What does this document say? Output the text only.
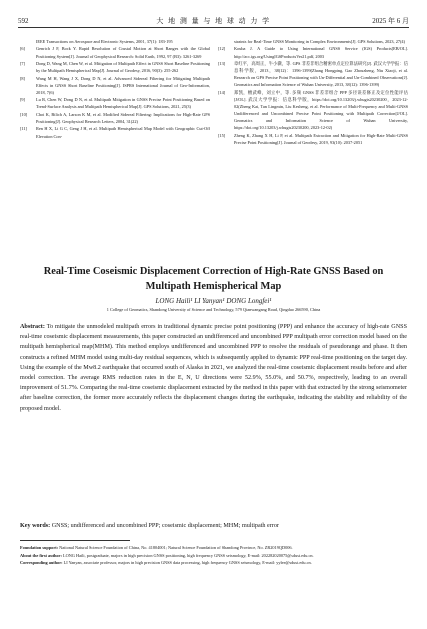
592	大 地 测 量 与 地 球 动 力 学	2025 年 6 月
IEEE Transactions on Aerospace and Electronic Systems, 2001, 37(1): 183-195
[6]	Genrich J F, Bock Y. Rapid Resolution of Crustal Motion at Short Ranges with the Global Positioning System[J]. Journal of Geophysical Research: Solid Earth, 1992, 97 (B3): 3261-3269
[7]	Dong D, Wang M, Chen W, et al. Mitigation of Multipath Effect in GNSS Short Baseline Positioning by the Multipath Hemispherical Map[J]. Journal of Geodesy, 2016, 90(3): 255-262
[8]	Wang M H, Wang J X, Dong D N, et al. Advanced Sidereal Filtering for Mitigating Multipath Effects in GNSS Short Baseline Positioning[J]. ISPRS International Journal of Geo-Information, 2018, 7(6)
[9]	Lu R, Chen W, Dong D N, et al. Multipath Mitigation in GNSS Precise Point Positioning Based on Trend-Surface Analysis and Multipath Hemispherical Map[J]. GPS Solutions, 2021, 25(3)
[10]	Choi K, Bilich A, Larson K M, et al. Modified Sidereal Filtering: Implications for High-Rate GPS Positioning[J]. Geophysical Research Letters, 2004, 31(22)
[11]	Ren H X, Li G C, Geng J H, et al. Multipath Hemispherical Map Model with Geographic Cut-Off Elevation Con-
straints for Real-Time GNSS Monitoring in Complex Environments[J]. GPS Solutions, 2023, 27(4)
[12]	Kouba J. A Guide to Using International GNSS Service (IGS) Products[EB/OL]. http://acc.igs.org/UsingIGSProductsVer21.pdf, 2003
[13]	章红平，高周正，牛小骥，等. GPS 非差非组合精密单点定位算法研究[J]. 武汉大学学报：信息科学版，2013，38(12)：1396-1399(Zhang Hongping, Gao Zhouzheng, Niu Xiaoji, et al. Research on GPS Precise Point Positioning with Un-Differential and Un-Combined Observations[J]. Geomatics and Information Science of Wuhan University, 2013, 38(12): 1396-1399)
[14]	郑凯，檀武峰，刘立中，等. 多频 GNSS 非差非组合 PPP 多径误差修正及定位性能评估[J/OL]. 武汉大学学报：信息科学版，https://doi.org/10.13203/j.whugis20230200，2023-12-02(Zheng Kai, Tan Lingmin, Liu Kesheng, et al. Performance of Multi-Frequency and Multi-GNSS Undifferenced and Uncombined Precise Point Positioning with Multipath Correction[J/OL]. Geomatics and Information Science of Wuhan University, https://doi.org/10.13203/j.whugis20230200, 2023-12-02)
[15]	Zheng K, Zhang X H, Li P, et al. Multipath Extraction and Mitigation for High-Rate Multi-GNSS Precise Point Positioning[J]. Journal of Geodesy, 2019, 93(10): 2037-2051
Real-Time Coseismic Displacement Correction of High-Rate GNSS Based on Multipath Hemispherical Map
LONG Haili¹ LI Yanyan¹ DONG Longfei¹
1 College of Geomatics, Shandong University of Science and Technology, 579 Qianwangang Road, Qingdao 266590, China
Abstract: To mitigate the unmodeled multipath errors in traditional dynamic precise point positioning (PPP) and enhance the accuracy of high-rate GNSS real-time coseismic displacement measurements, this paper constructed an undifferenced and uncombined PPP multipath error correction model based on the multipath hemispherical map(MHM). This method employs undifferenced and uncombined PPP to resolve the residuals of pseudorange and phase. It then constructs a refined MHM model using multi-day residual sequences, which is subsequently applied to dynamic PPP real-time positioning on the target day. Using the example of the Mw8.2 earthquake that occurred south of Alaska in 2021, we analyzed the real-time coseismic displacement results before and after model correction. The average RMS reduction rates in the E, N, U directions were 52.9%, 55.0%, and 50.7%, respectively, leading to an overall improvement of 51.7%. Comparing the real-time coseismic displacement extracted by the method in this paper with that extracted by the strong seismometer after baseline correction, the former more accurately reflects the displacement changes during the earthquake, indicating the stability and reliability of the proposed model.
Key words: GNSS; undifferenced and uncombined PPP; coseismic displacement; MHM; multipath error
Foundation support: National Natural Science Foundation of China, No. 41804001; Natural Science Foundation of Shandong Province, No. ZR2019QD006.
About the first author: LONG Haili, postgraduate, majors in high precision GNSS positioning, high frequency GNSS seismology, E-mail: 202282020075@sdust.edu.cn.
Corresponding author: LI Yanyan, associate professor, majors in high precision GNSS data processing, high frequency GNSS seismology, E-mail: yylee@sdust.edu.cn.
